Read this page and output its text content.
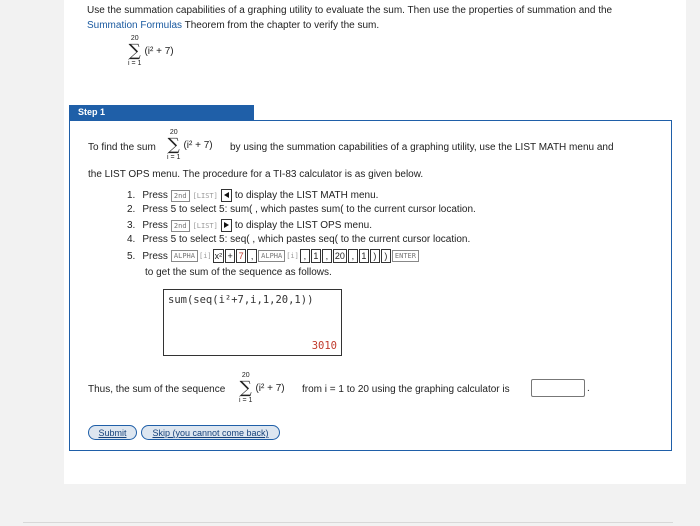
Use the summation capabilities of a graphing utility to evaluate the sum. Then use the properties of summation and the
Summation Formulas Theorem from the chapter to verify the sum.
20
∑
i = 1
(i² + 7)
Step 1
To find the sum
20
∑
i = 1
(i² + 7) by using the summation capabilities of a graphing utility, use the LIST MATH menu and
the LIST OPS menu. The procedure for a TI-83 calculator is as given below.
1. Press 2nd [LIST] to display the LIST MATH menu.
2. Press 5 to select 5: sum( , which pastes sum( to the current cursor location.
3. Press 2nd [LIST] to display the LIST OPS menu.
4. Press 5 to select 5: seq( , which pastes seq( to the current cursor location.
5. Press ALPHA [i] x² + 7 ,	ALPHA [i] , 1 , 20 , 1 ) )	ENTER
to get the sum of the sequence as follows.
sum(seq(i²+7,i,1,20,1))
3010
Thus, the sum of the sequence
20
∑
i = 1
(i² + 7) from i = 1 to 20 using the graphing calculator is	.
Submit	Skip (you cannot come back)
